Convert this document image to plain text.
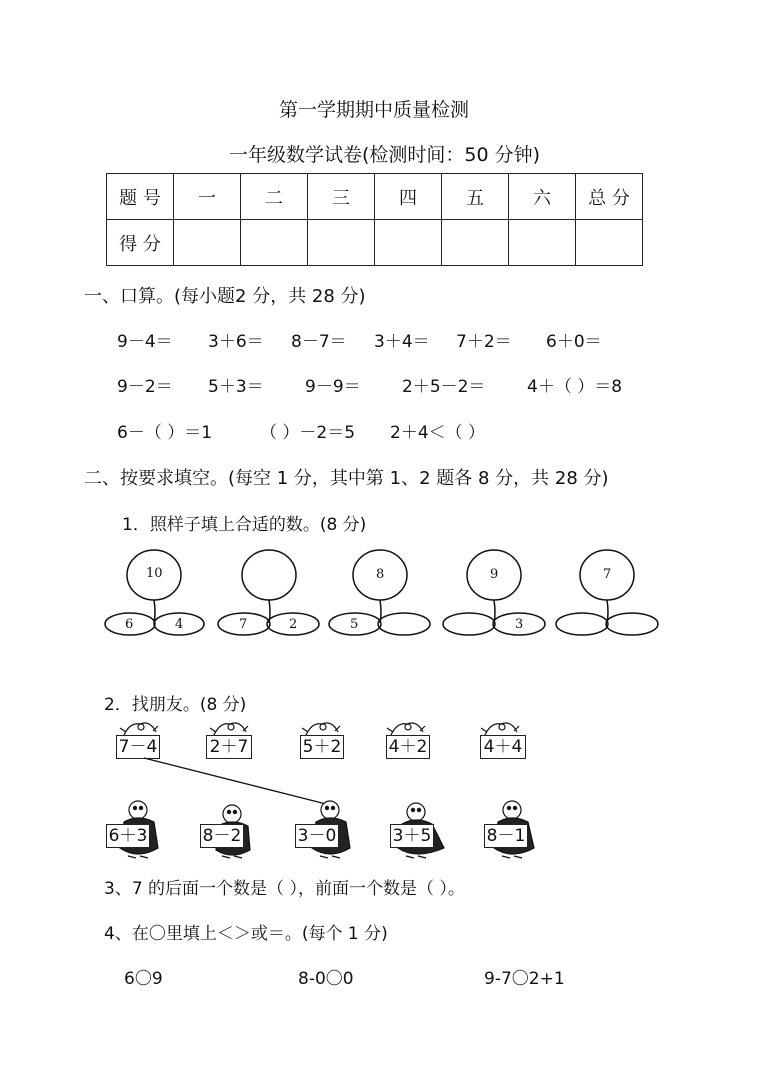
第一学期期中质量检测
一年级数学试卷(检测时间：50 分钟)
题 号	一	二	三	四	五	六	总 分
得 分							
一、口算。(每小题2 分，共 28 分)
9－4＝ 3＋6＝ 8－7＝ 3＋4＝ 7＋2＝ 6＋0＝
9－2＝ 5＋3＝ 9－9＝ 2＋5－2＝ 4＋（ ）＝8
6－（ ）＝1	（ ）－2＝5 2＋4＜（ ）
二、按要求填空。(每空 1 分，其中第 1、2 题各 8 分，共 28 分)
1．照样子填上合适的数。(8 分)
10
6	4	7	2
8
5
9
3
7
2．找朋友。(8 分)
7－4	2＋7	5＋2	4＋2	4＋4
6＋3	8－2	3－0	3＋5	8－1
3、7 的后面一个数是（ ），前面一个数是（ ）。
4、在〇里填上＜＞或＝。(每个 1 分)
6〇9	8-0〇0	9-7〇2+1
